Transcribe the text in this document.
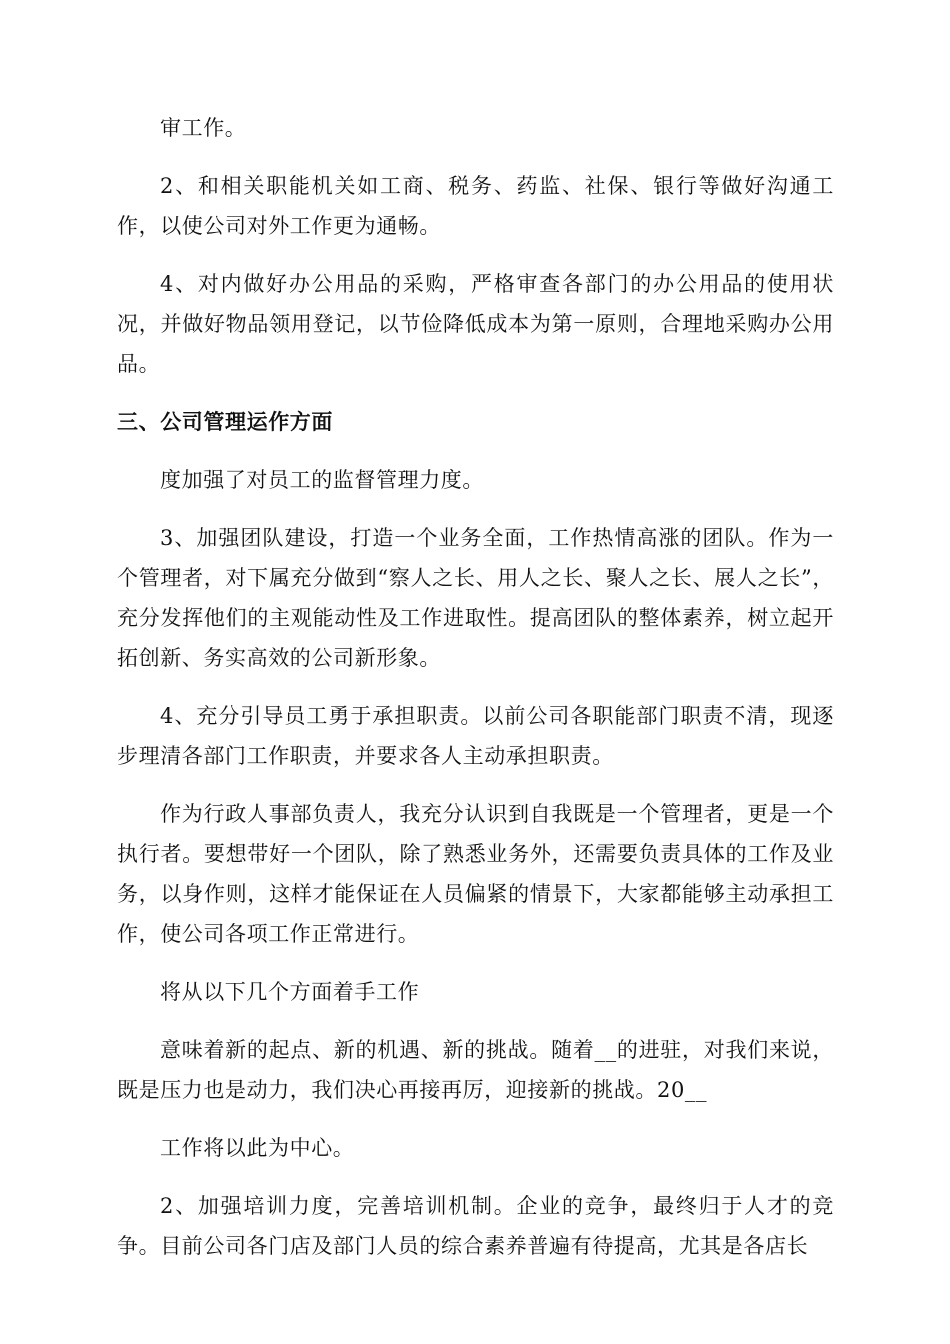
审工作。

2、和相关职能机关如工商、税务、药监、社保、银行等做好沟通工作，以使公司对外工作更为通畅。

4、对内做好办公用品的采购，严格审查各部门的办公用品的使用状况，并做好物品领用登记，以节俭降低成本为第一原则，合理地采购办公用品。

三、公司管理运作方面

度加强了对员工的监督管理力度。

3、加强团队建设，打造一个业务全面，工作热情高涨的团队。作为一个管理者，对下属充分做到“察人之长、用人之长、聚人之长、展人之长”，充分发挥他们的主观能动性及工作进取性。提高团队的整体素养，树立起开拓创新、务实高效的公司新形象。

4、充分引导员工勇于承担职责。以前公司各职能部门职责不清，现逐步理清各部门工作职责，并要求各人主动承担职责。

作为行政人事部负责人，我充分认识到自我既是一个管理者，更是一个执行者。要想带好一个团队，除了熟悉业务外，还需要负责具体的工作及业务，以身作则，这样才能保证在人员偏紧的情景下，大家都能够主动承担工作，使公司各项工作正常进行。

将从以下几个方面着手工作

意味着新的起点、新的机遇、新的挑战。随着__的进驻，对我们来说，既是压力也是动力，我们决心再接再厉，迎接新的挑战。20__

工作将以此为中心。

2、加强培训力度，完善培训机制。企业的竞争，最终归于人才的竞争。目前公司各门店及部门人员的综合素养普遍有待提高，尤其是各店长
